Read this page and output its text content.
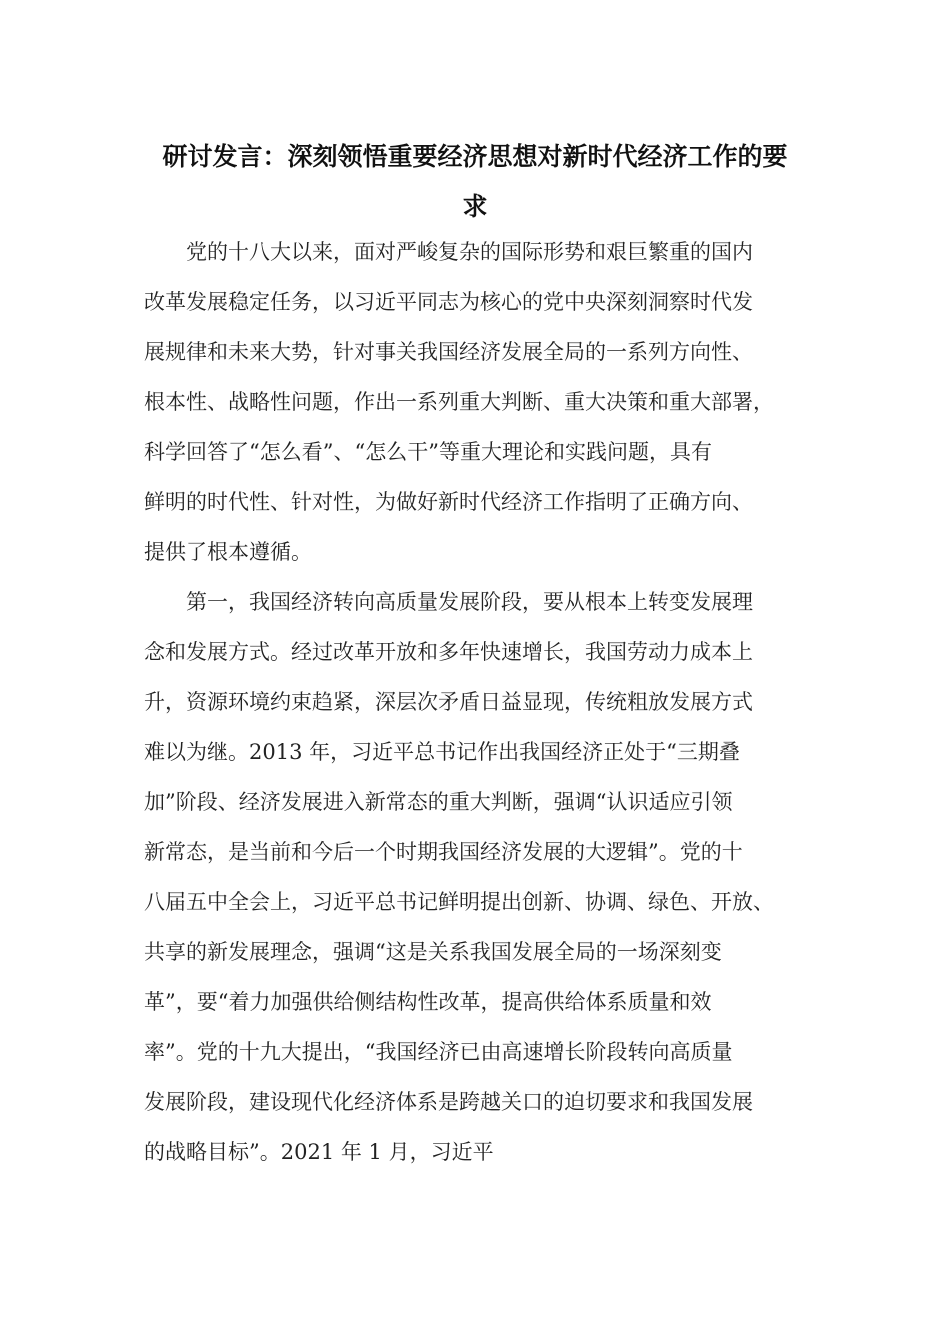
研讨发言：深刻领悟重要经济思想对新时代经济工作的要
求

　　党的十八大以来，面对严峻复杂的国际形势和艰巨繁重的国内

改革发展稳定任务，以习近平同志为核心的党中央深刻洞察时代发

展规律和未来大势，针对事关我国经济发展全局的一系列方向性、

根本性、战略性问题，作出一系列重大判断、重大决策和重大部署，

科学回答了“怎么看”、“怎么干”等重大理论和实践问题，具有

鲜明的时代性、针对性，为做好新时代经济工作指明了正确方向、

提供了根本遵循。

　　第一，我国经济转向高质量发展阶段，要从根本上转变发展理

念和发展方式。经过改革开放和多年快速增长，我国劳动力成本上

升，资源环境约束趋紧，深层次矛盾日益显现，传统粗放发展方式

难以为继。2013 年，习近平总书记作出我国经济正处于“三期叠

加”阶段、经济发展进入新常态的重大判断，强调“认识适应引领

新常态，是当前和今后一个时期我国经济发展的大逻辑”。党的十

八届五中全会上，习近平总书记鲜明提出创新、协调、绿色、开放、

共享的新发展理念，强调“这是关系我国发展全局的一场深刻变

革”，要“着力加强供给侧结构性改革，提高供给体系质量和效

率”。党的十九大提出，“我国经济已由高速增长阶段转向高质量

发展阶段，建设现代化经济体系是跨越关口的迫切要求和我国发展

的战略目标”。2021 年 1 月，习近平
